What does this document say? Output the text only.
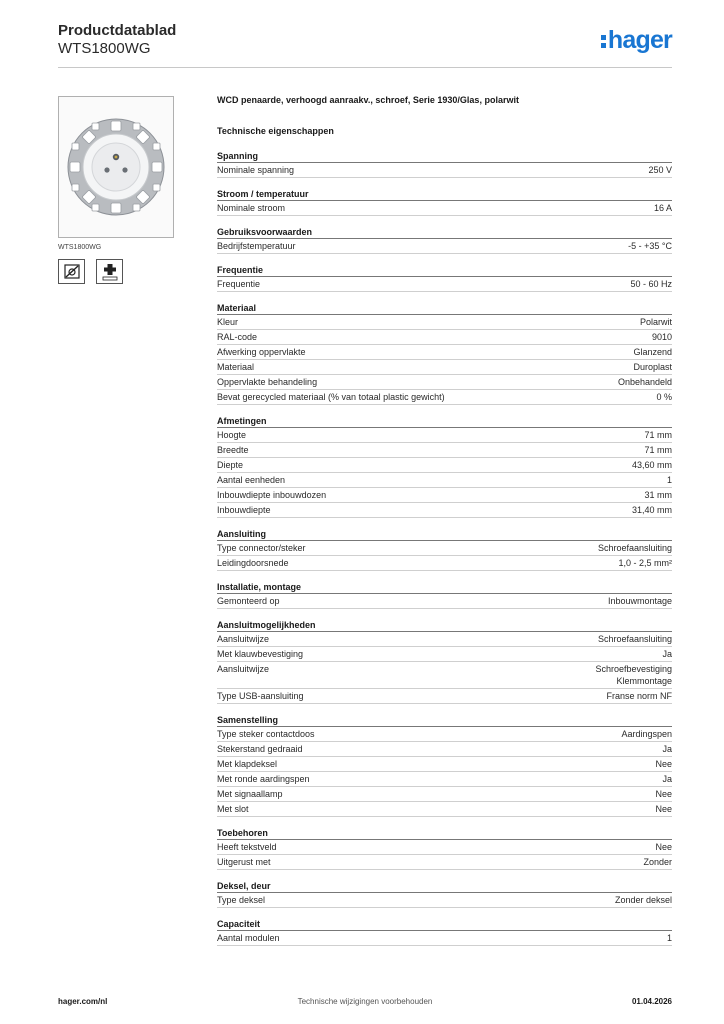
Productdatablad
WTS1800WG	hager
WTS1800WG
WCD penaarde, verhoogd aanraakv., schroef, Serie 1930/Glas, polarwit
Technische eigenschappen
Spanning
Nominale spanning	250 V
Stroom / temperatuur
Nominale stroom	16 A
Gebruiksvoorwaarden
Bedrijfstemperatuur	-5 - +35 °C
Frequentie
Frequentie	50 - 60 Hz
Materiaal
Kleur	Polarwit
RAL-code	9010
Afwerking oppervlakte	Glanzend
Materiaal	Duroplast
Oppervlakte behandeling	Onbehandeld
Bevat gerecycled materiaal (% van totaal plastic gewicht)	0 %
Afmetingen
Hoogte	71 mm
Breedte	71 mm
Diepte	43,60 mm
Aantal eenheden	1
Inbouwdiepte inbouwdozen	31 mm
Inbouwdiepte	31,40 mm
Aansluiting
Type connector/steker	Schroefaansluiting
Leidingdoorsnede	1,0 - 2,5 mm²
Installatie, montage
Gemonteerd op	Inbouwmontage
Aansluitmogelijkheden
Aansluitwijze	Schroefaansluiting
Met klauwbevestiging	Ja
Aansluitwijze	Schroefbevestiging
Klemmontage
Type USB-aansluiting	Franse norm NF
Samenstelling
Type steker contactdoos	Aardingspen
Stekerstand gedraaid	Ja
Met klapdeksel	Nee
Met ronde aardingspen	Ja
Met signaallamp	Nee
Met slot	Nee
Toebehoren
Heeft tekstveld	Nee
Uitgerust met	Zonder
Deksel, deur
Type deksel	Zonder deksel
Capaciteit
Aantal modulen	1
hager.com/nl	Technische wijzigingen voorbehouden	01.04.2026
